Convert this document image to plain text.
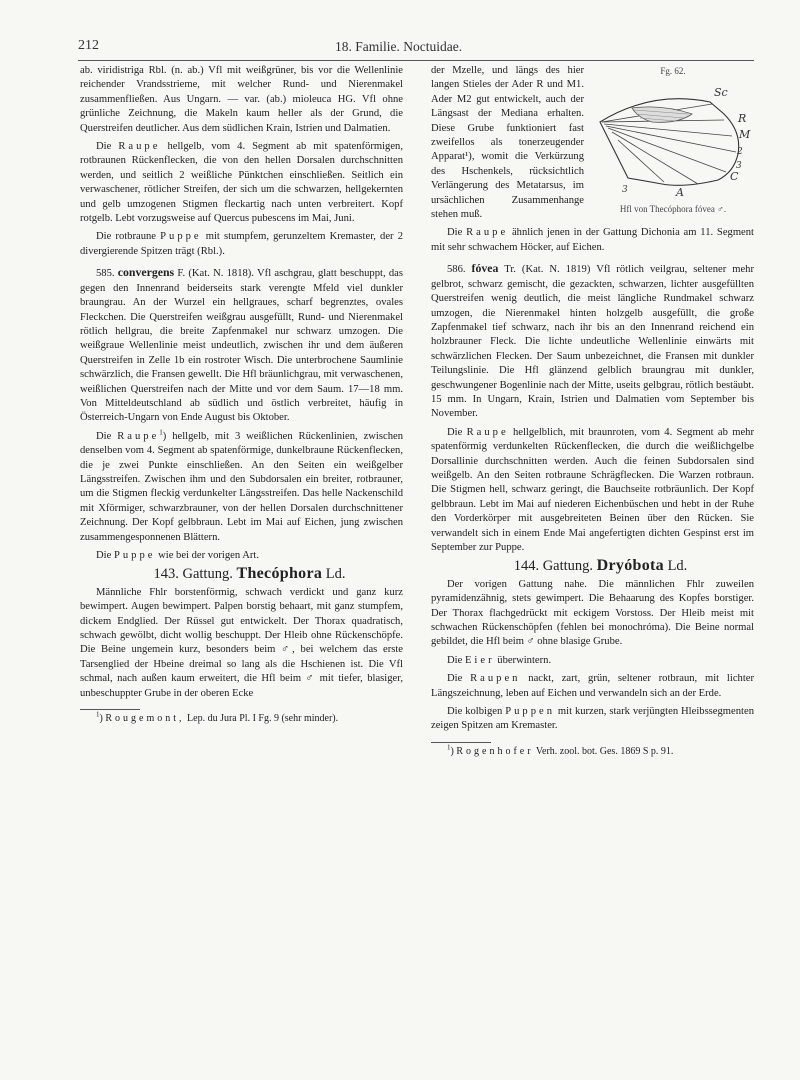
212	18. Familie. Noctuidae.

ab. viridistriga Rbl. (n. ab.) Vfl mit weißgrüner, bis vor die Wellenlinie reichender Vrandsstrieme, mit welcher Rund- und Nierenmakel zusammenfließen. Aus Ungarn. — var. (ab.) mioleuca HG. Vfl ohne grünliche Zeichnung, die Makeln kaum heller als der Grund, die Querstreifen deutlicher. Aus dem südlichen Krain, Istrien und Dalmatien.

Die Raupe hellgelb, vom 4. Segment ab mit spatenförmigen, rotbraunen Rückenflecken, die von den hellen Dorsalen durchschnitten werden, und seitlich 2 weißliche Pünktchen einschließen. Seitlich ein verwaschener, rötlicher Streifen, der sich um die schwarzen, hellgekernten und gelb umzogenen Stigmen fleckartig nach unten verbreitert. Kopf rotgelb. Lebt vorzugsweise auf Quercus pubescens im Mai, Juni.

Die rotbraune Puppe mit stumpfem, gerunzeltem Kremaster, der 2 divergierende Spitzen trägt (Rbl.).

585. convergens F. (Kat. N. 1818). Vfl aschgrau, glatt beschuppt, das gegen den Innenrand beiderseits stark verengte Mfeld viel dunkler braungrau. An der Wurzel ein hellgraues, scharf begrenztes, ovales Fleckchen. Die Querstreifen weißgrau ausgefüllt, Rund- und Nierenmakel rötlich hellgrau, die breite Zapfenmakel nur schwarz umzogen. Die weißgraue Wellenlinie meist undeutlich, zwischen ihr und dem äußeren Querstreifen in Zelle 1b ein rostroter Wisch. Die unterbrochene Saumlinie schwärzlich, die Fransen gewellt. Die Hfl bräunlichgrau, mit verwaschenen, weißlichen Querstreifen nach der Mitte und vor dem Saum. 17—18 mm. Von Mitteldeutschland ab südlich und östlich verbreitet, häufig in Österreich-Ungarn von Ende August bis Oktober.

Die Raupe$^1$) hellgelb, mit 3 weißlichen Rückenlinien, zwischen denselben vom 4. Segment ab spatenförmige, dunkelbraune Rückenflecken, die je zwei Punkte einschließen. An den Seiten ein weißgelber Längsstreifen. Zwischen ihm und den Subdorsalen ein breiter, rotbrauner, um die Stigmen fleckig verdunkelter Längsstreifen. Das helle Nackenschild mit Xförmiger, schwarzbrauner, von der hellen Dorsalen durchschnittener Zeichnung. Der Kopf gelbbraun. Lebt im Mai auf Eichen, jung zwischen zusammengesponnenen Blättern.

Die Puppe wie bei der vorigen Art.

143. Gattung. Thecóphora Ld.

Männliche Fhlr borstenförmig, schwach verdickt und ganz kurz bewimpert. Augen bewimpert. Palpen borstig behaart, mit ganz stumpfem, dickem Endglied. Der Rüssel gut entwickelt. Der Thorax quadratisch, schwach gewölbt, dicht wollig beschuppt. Der Hleib ohne Rückenschöpfe. Die Beine ungemein kurz, besonders beim ♂, bei welchem das erste Tarsenglied der Hbeine dreimal so lang als die Hschienen ist. Die Vfl schmal, nach außen kaum erweitert, die Hfl beim ♂ mit tiefer, blasiger, unbeschuppter Grube in der oberen Ecke

$^1$) Rougemont, Lep. du Jura Pl. I Fg. 9 (sehr minder).

Fg. 62.
Sc
R
M
2
3
C
3	A
Hfl von Thecóphora fóvea ♂.
der Mzelle, und längs des hier langen Stieles der Ader R und M1. Ader M2 gut entwickelt, auch der Längsast der Mediana erhalten. Diese Grube funktioniert fast zweifellos als tonerzeugender Apparat¹), womit die Verkürzung des Hschenkels, rücksichtlich Verlängerung des Metatarsus, im ursächlichen Zusammenhange stehen muß.

Die Raupe ähnlich jenen in der Gattung Dichonia am 11. Segment mit sehr schwachem Höcker, auf Eichen.

586. fóvea Tr. (Kat. N. 1819) Vfl rötlich veilgrau, seltener mehr gelbrot, schwarz gemischt, die gezackten, schwarzen, lichter ausgefüllten Querstreifen wenig deutlich, die meist längliche Rundmakel schwarz umzogen, die Nierenmakel hinten holzgelb ausgefüllt, die große Zapfenmakel tief schwarz, nach ihr bis an den Innenrand reichend ein holzbrauner Fleck. Die lichte undeutliche Wellenlinie einwärts mit schwärzlichen Flecken. Der Saum unbezeichnet, die Fransen mit dunkler Teilungslinie. Die Hfl glänzend gelblich braungrau mit dunkler, geschwungener Bogenlinie nach der Mitte, useits gelbgrau, rötlich bestäubt. 15 mm. In Ungarn, Krain, Istrien und Dalmatien vom September bis November.

Die Raupe hellgelblich, mit braunroten, vom 4. Segment ab mehr spatenförmig verdunkelten Rückenflecken, die durch die weißlichgelbe Dorsallinie durchschnitten werden. Auch die feinen Subdorsalen sind weißgelb. An den Seiten rotbraune Schrägflecken. Die Warzen rotbraun. Die Stigmen hell, schwarz geringt, die Bauchseite rotbräunlich. Der Kopf gelbbraun. Lebt im Mai auf niederen Eichenbüschen und hebt in der Ruhe den Vorderkörper mit ausgebreiteten Beinen über den Rücken. Sie verwandelt sich in einem Ende Mai angefertigten dichten Gespinst erst im September zur Puppe.

144. Gattung. Dryóbota Ld.

Der vorigen Gattung nahe. Die männlichen Fhlr zuweilen pyramidenzähnig, stets gewimpert. Die Behaarung des Kopfes borstiger. Der Thorax flachgedrückt mit eckigem Vorstoss. Der Hleib meist mit schwachen Rückenschöpfen (fehlen bei monochróma). Die Beine normal gebildet, die Hfl beim ♂ ohne blasige Grube.

Die Eier überwintern.

Die Raupen nackt, zart, grün, seltener rotbraun, mit lichter Längszeichnung, leben auf Eichen und verwandeln sich an der Erde.

Die kolbigen Puppen mit kurzen, stark verjüngten Hleibssegmenten zeigen Spitzen am Kremaster.

$^1$) Rogenhofer Verh. zool. bot. Ges. 1869 S p. 91.
